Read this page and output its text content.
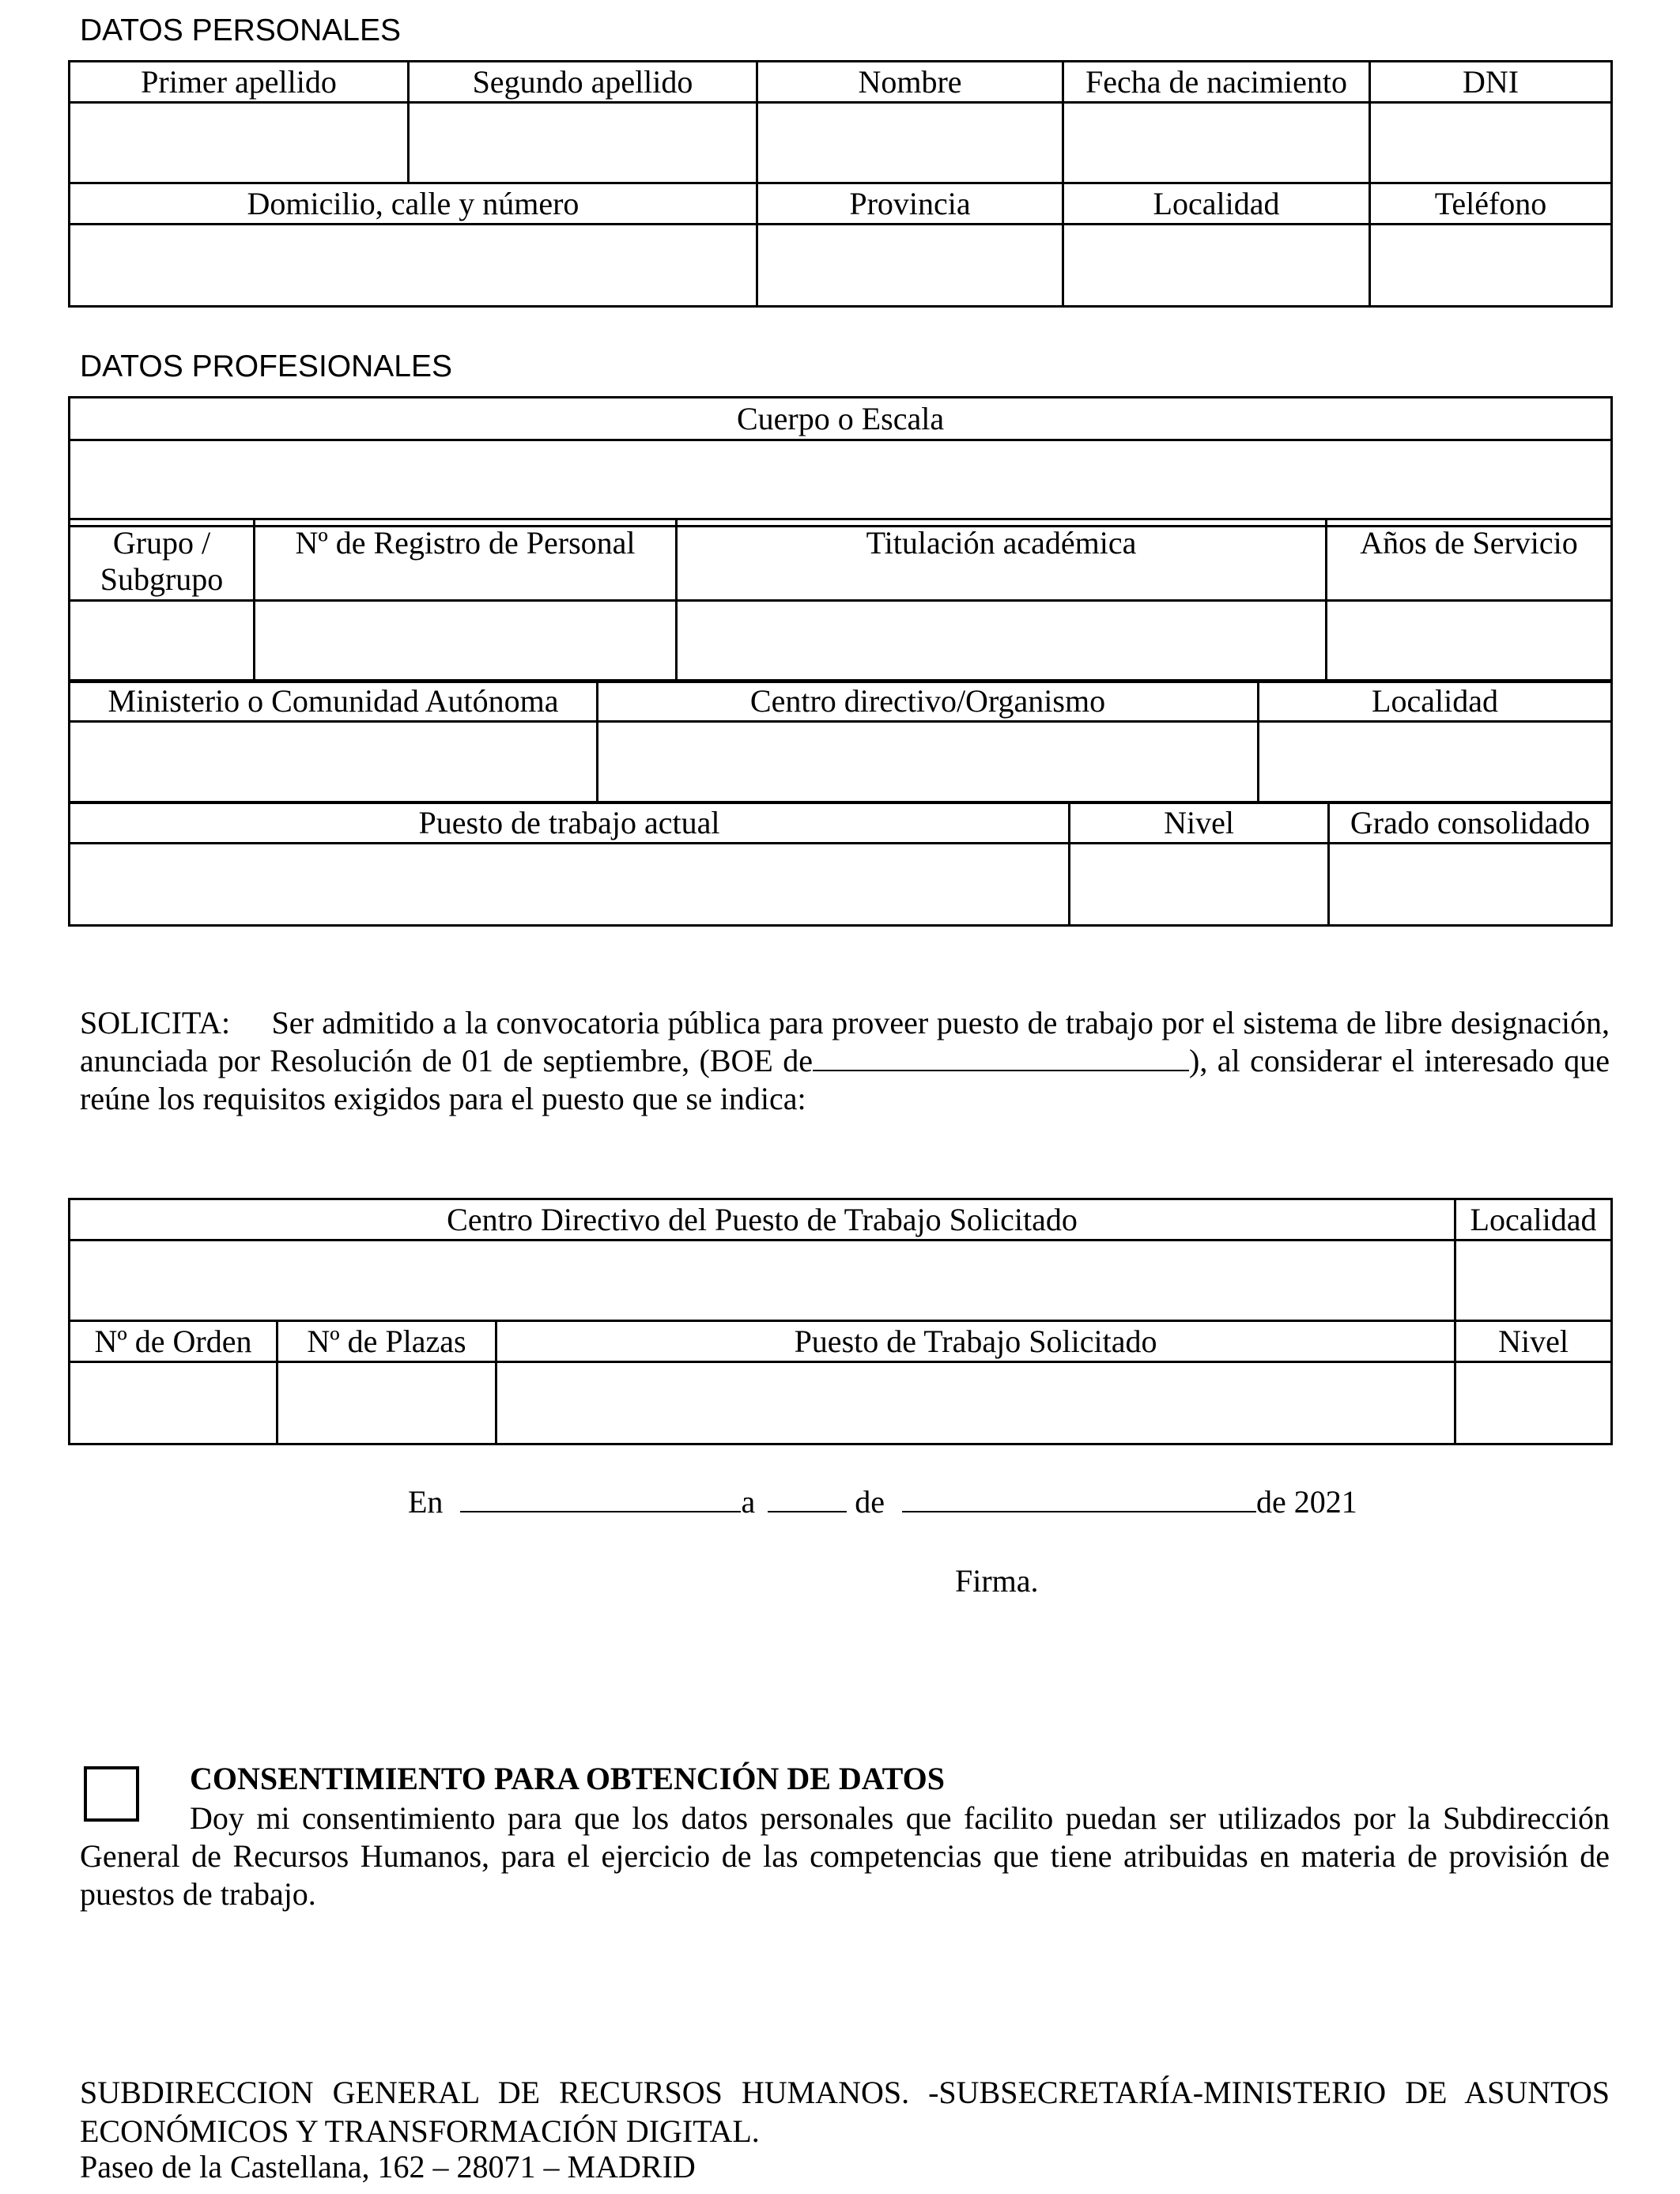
DATOS PERSONALES
Primer apellido	Segundo apellido	Nombre	Fecha de nacimiento	DNI

Domicilio, calle y número		Provincia	Localidad	Teléfono

DATOS PROFESIONALES
Cuerpo o Escala

Grupo / Subgrupo	Nº de Registro de Personal	Titulación académica	Años de Servicio

Ministerio o Comunidad Autónoma	Centro directivo/Organismo	Localidad

Puesto de trabajo actual	Nivel	Grado consolidado

SOLICITA: Ser admitido a la convocatoria pública para proveer puesto de trabajo por el sistema de libre designación, anunciada por Resolución de 01 de septiembre, (BOE de	), al considerar el interesado que reúne los requisitos exigidos para el puesto que se indica:
Centro Directivo del Puesto de Trabajo Solicitado			Localidad

Nº de Orden	Nº de Plazas	Puesto de Trabajo Solicitado	Nivel

En	a	de	de 2021
Firma.
CONSENTIMIENTO PARA OBTENCIÓN DE DATOS
Doy mi consentimiento para que los datos personales que facilito puedan ser utilizados por la Subdirección General de Recursos Humanos, para el ejercicio de las competencias que tiene atribuidas en materia de provisión de puestos de trabajo.
SUBDIRECCION GENERAL DE RECURSOS HUMANOS. -SUBSECRETARÍA-MINISTERIO DE ASUNTOS ECONÓMICOS Y TRANSFORMACIÓN DIGITAL.
Paseo de la Castellana, 162 – 28071 – MADRID
